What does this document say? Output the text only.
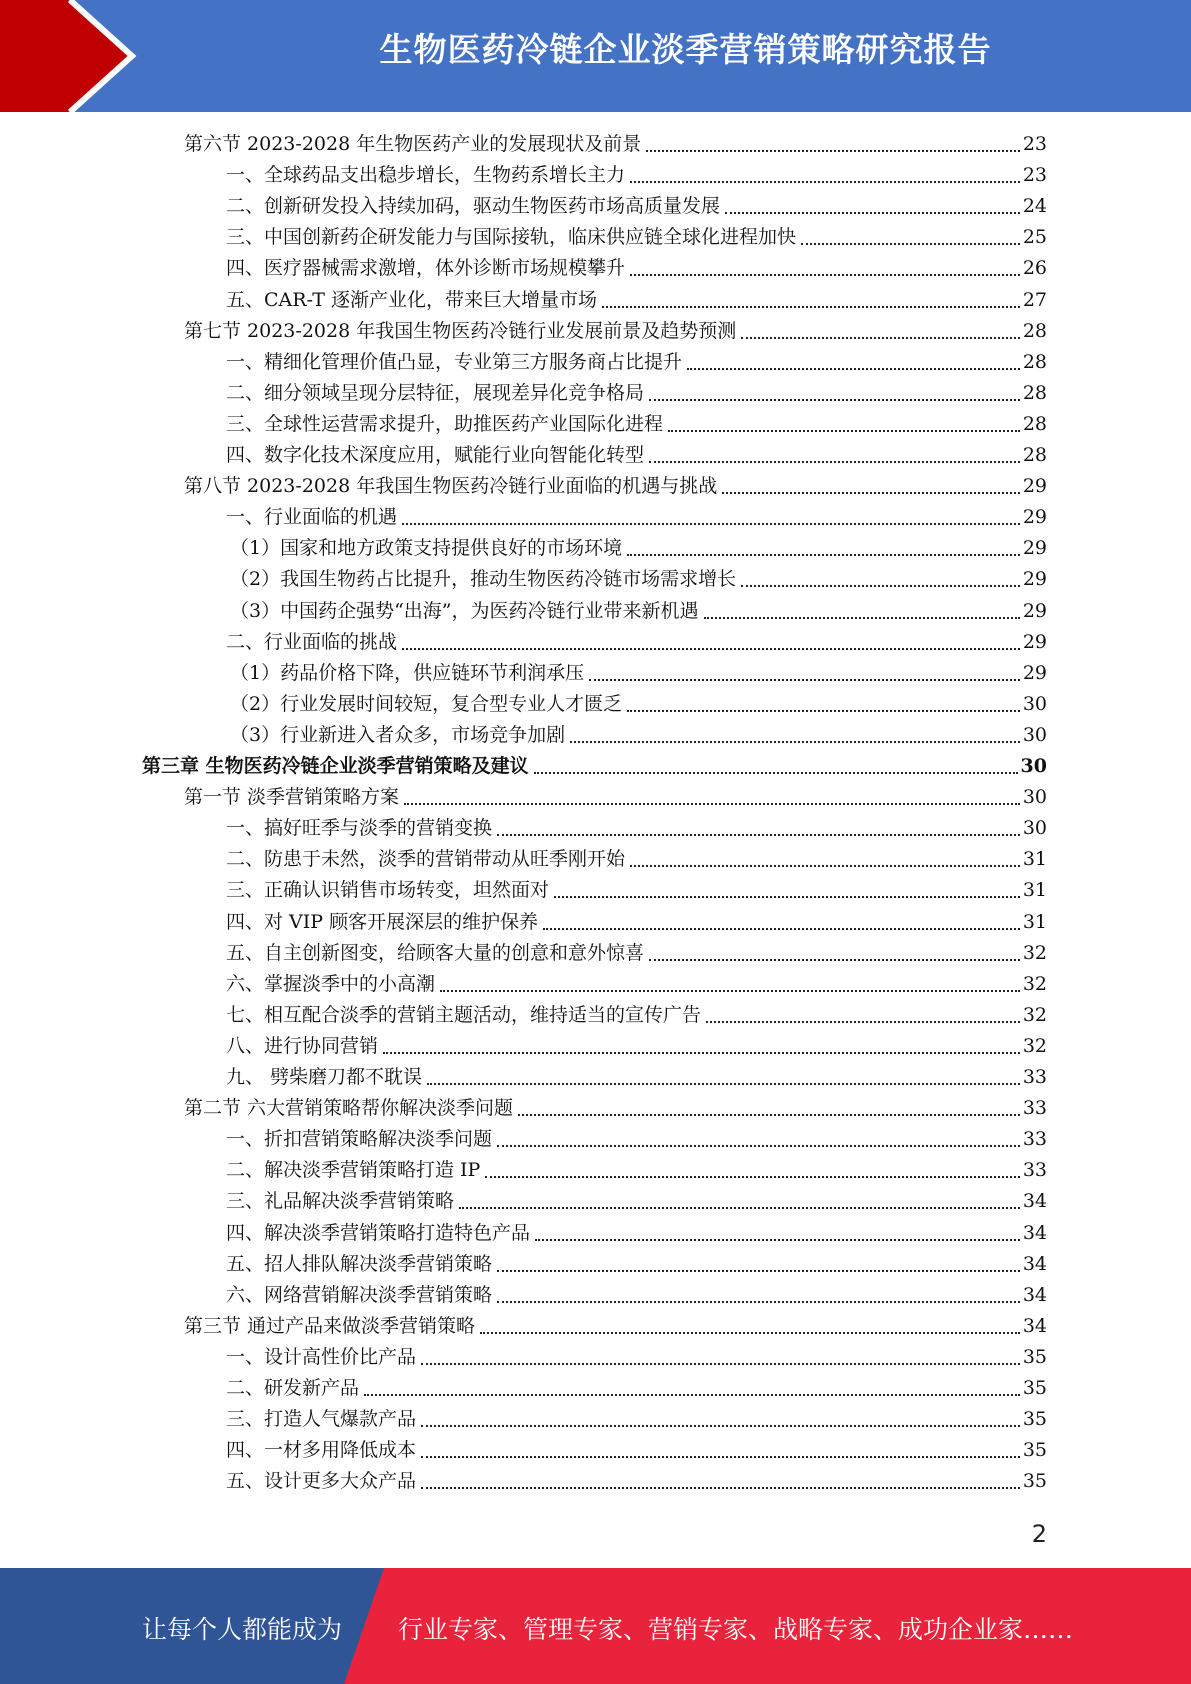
生物医药冷链企业淡季营销策略研究报告
第六节 2023-2028 年生物医药产业的发展现状及前景	23
一、全球药品支出稳步增长，生物药系增长主力	23
二、创新研发投入持续加码，驱动生物医药市场高质量发展	24
三、中国创新药企研发能力与国际接轨，临床供应链全球化进程加快	25
四、医疗器械需求激增，体外诊断市场规模攀升	26
五、CAR-T 逐渐产业化，带来巨大增量市场	27
第七节 2023-2028 年我国生物医药冷链行业发展前景及趋势预测	28
一、精细化管理价值凸显，专业第三方服务商占比提升	28
二、细分领域呈现分层特征，展现差异化竞争格局	28
三、全球性运营需求提升，助推医药产业国际化进程	28
四、数字化技术深度应用，赋能行业向智能化转型	28
第八节 2023-2028 年我国生物医药冷链行业面临的机遇与挑战	29
一、行业面临的机遇	29
（1）国家和地方政策支持提供良好的市场环境	29
（2）我国生物药占比提升，推动生物医药冷链市场需求增长	29
（3）中国药企强势“出海”，为医药冷链行业带来新机遇	29
二、行业面临的挑战	29
（1）药品价格下降，供应链环节利润承压	29
（2）行业发展时间较短，复合型专业人才匮乏	30
（3）行业新进入者众多，市场竞争加剧	30
第三章 生物医药冷链企业淡季营销策略及建议	30
第一节 淡季营销策略方案	30
一、搞好旺季与淡季的营销变换	30
二、防患于未然，淡季的营销带动从旺季刚开始	31
三、正确认识销售市场转变，坦然面对	31
四、对 VIP 顾客开展深层的维护保养	31
五、自主创新图变，给顾客大量的创意和意外惊喜	32
六、掌握淡季中的小高潮	32
七、相互配合淡季的营销主题活动，维持适当的宣传广告	32
八、进行协同营销	32
九、 劈柴磨刀都不耽误	33
第二节 六大营销策略帮你解决淡季问题	33
一、折扣营销策略解决淡季问题	33
二、解决淡季营销策略打造 IP	33
三、礼品解决淡季营销策略	34
四、解决淡季营销策略打造特色产品	34
五、招人排队解决淡季营销策略	34
六、网络营销解决淡季营销策略	34
第三节 通过产品来做淡季营销策略	34
一、设计高性价比产品	35
二、研发新产品	35
三、打造人气爆款产品	35
四、一材多用降低成本	35
五、设计更多大众产品	35
2
让每个人都能成为 行业专家、管理专家、营销专家、战略专家、成功企业家……
